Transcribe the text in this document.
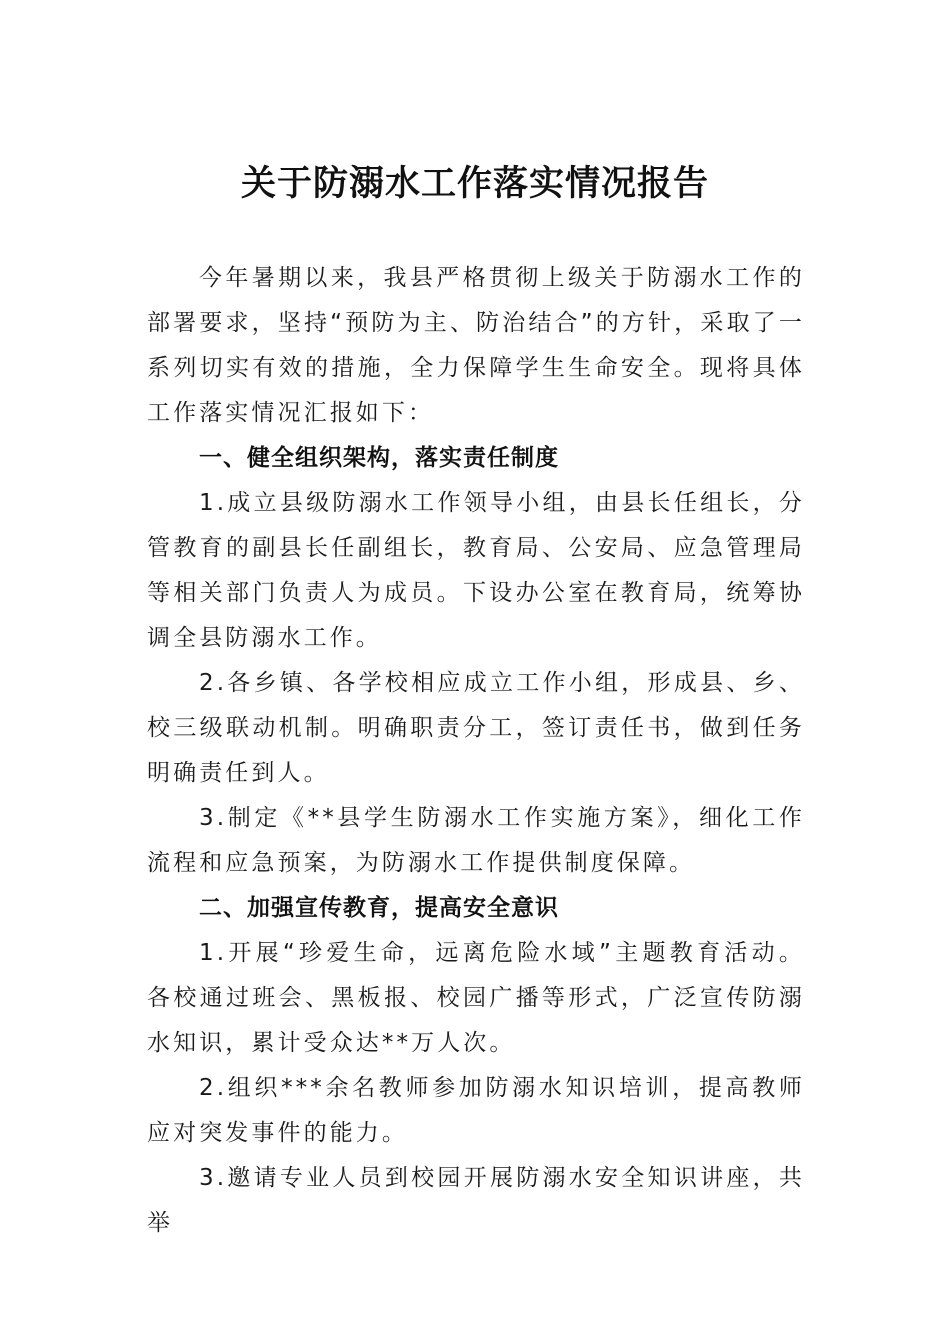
关于防溺水工作落实情况报告

今年暑期以来，我县严格贯彻上级关于防溺水工作的部署要求，坚持“预防为主、防治结合”的方针，采取了一系列切实有效的措施，全力保障学生生命安全。现将具体工作落实情况汇报如下：

一、健全组织架构，落实责任制度

1.成立县级防溺水工作领导小组，由县长任组长，分管教育的副县长任副组长，教育局、公安局、应急管理局等相关部门负责人为成员。下设办公室在教育局，统筹协调全县防溺水工作。

2.各乡镇、各学校相应成立工作小组，形成县、乡、校三级联动机制。明确职责分工，签订责任书，做到任务明确责任到人。

3.制定《**县学生防溺水工作实施方案》，细化工作流程和应急预案，为防溺水工作提供制度保障。

二、加强宣传教育，提高安全意识

1.开展“珍爱生命，远离危险水域”主题教育活动。各校通过班会、黑板报、校园广播等形式，广泛宣传防溺水知识，累计受众达**万人次。

2.组织***余名教师参加防溺水知识培训，提高教师应对突发事件的能力。

3.邀请专业人员到校园开展防溺水安全知识讲座，共举
